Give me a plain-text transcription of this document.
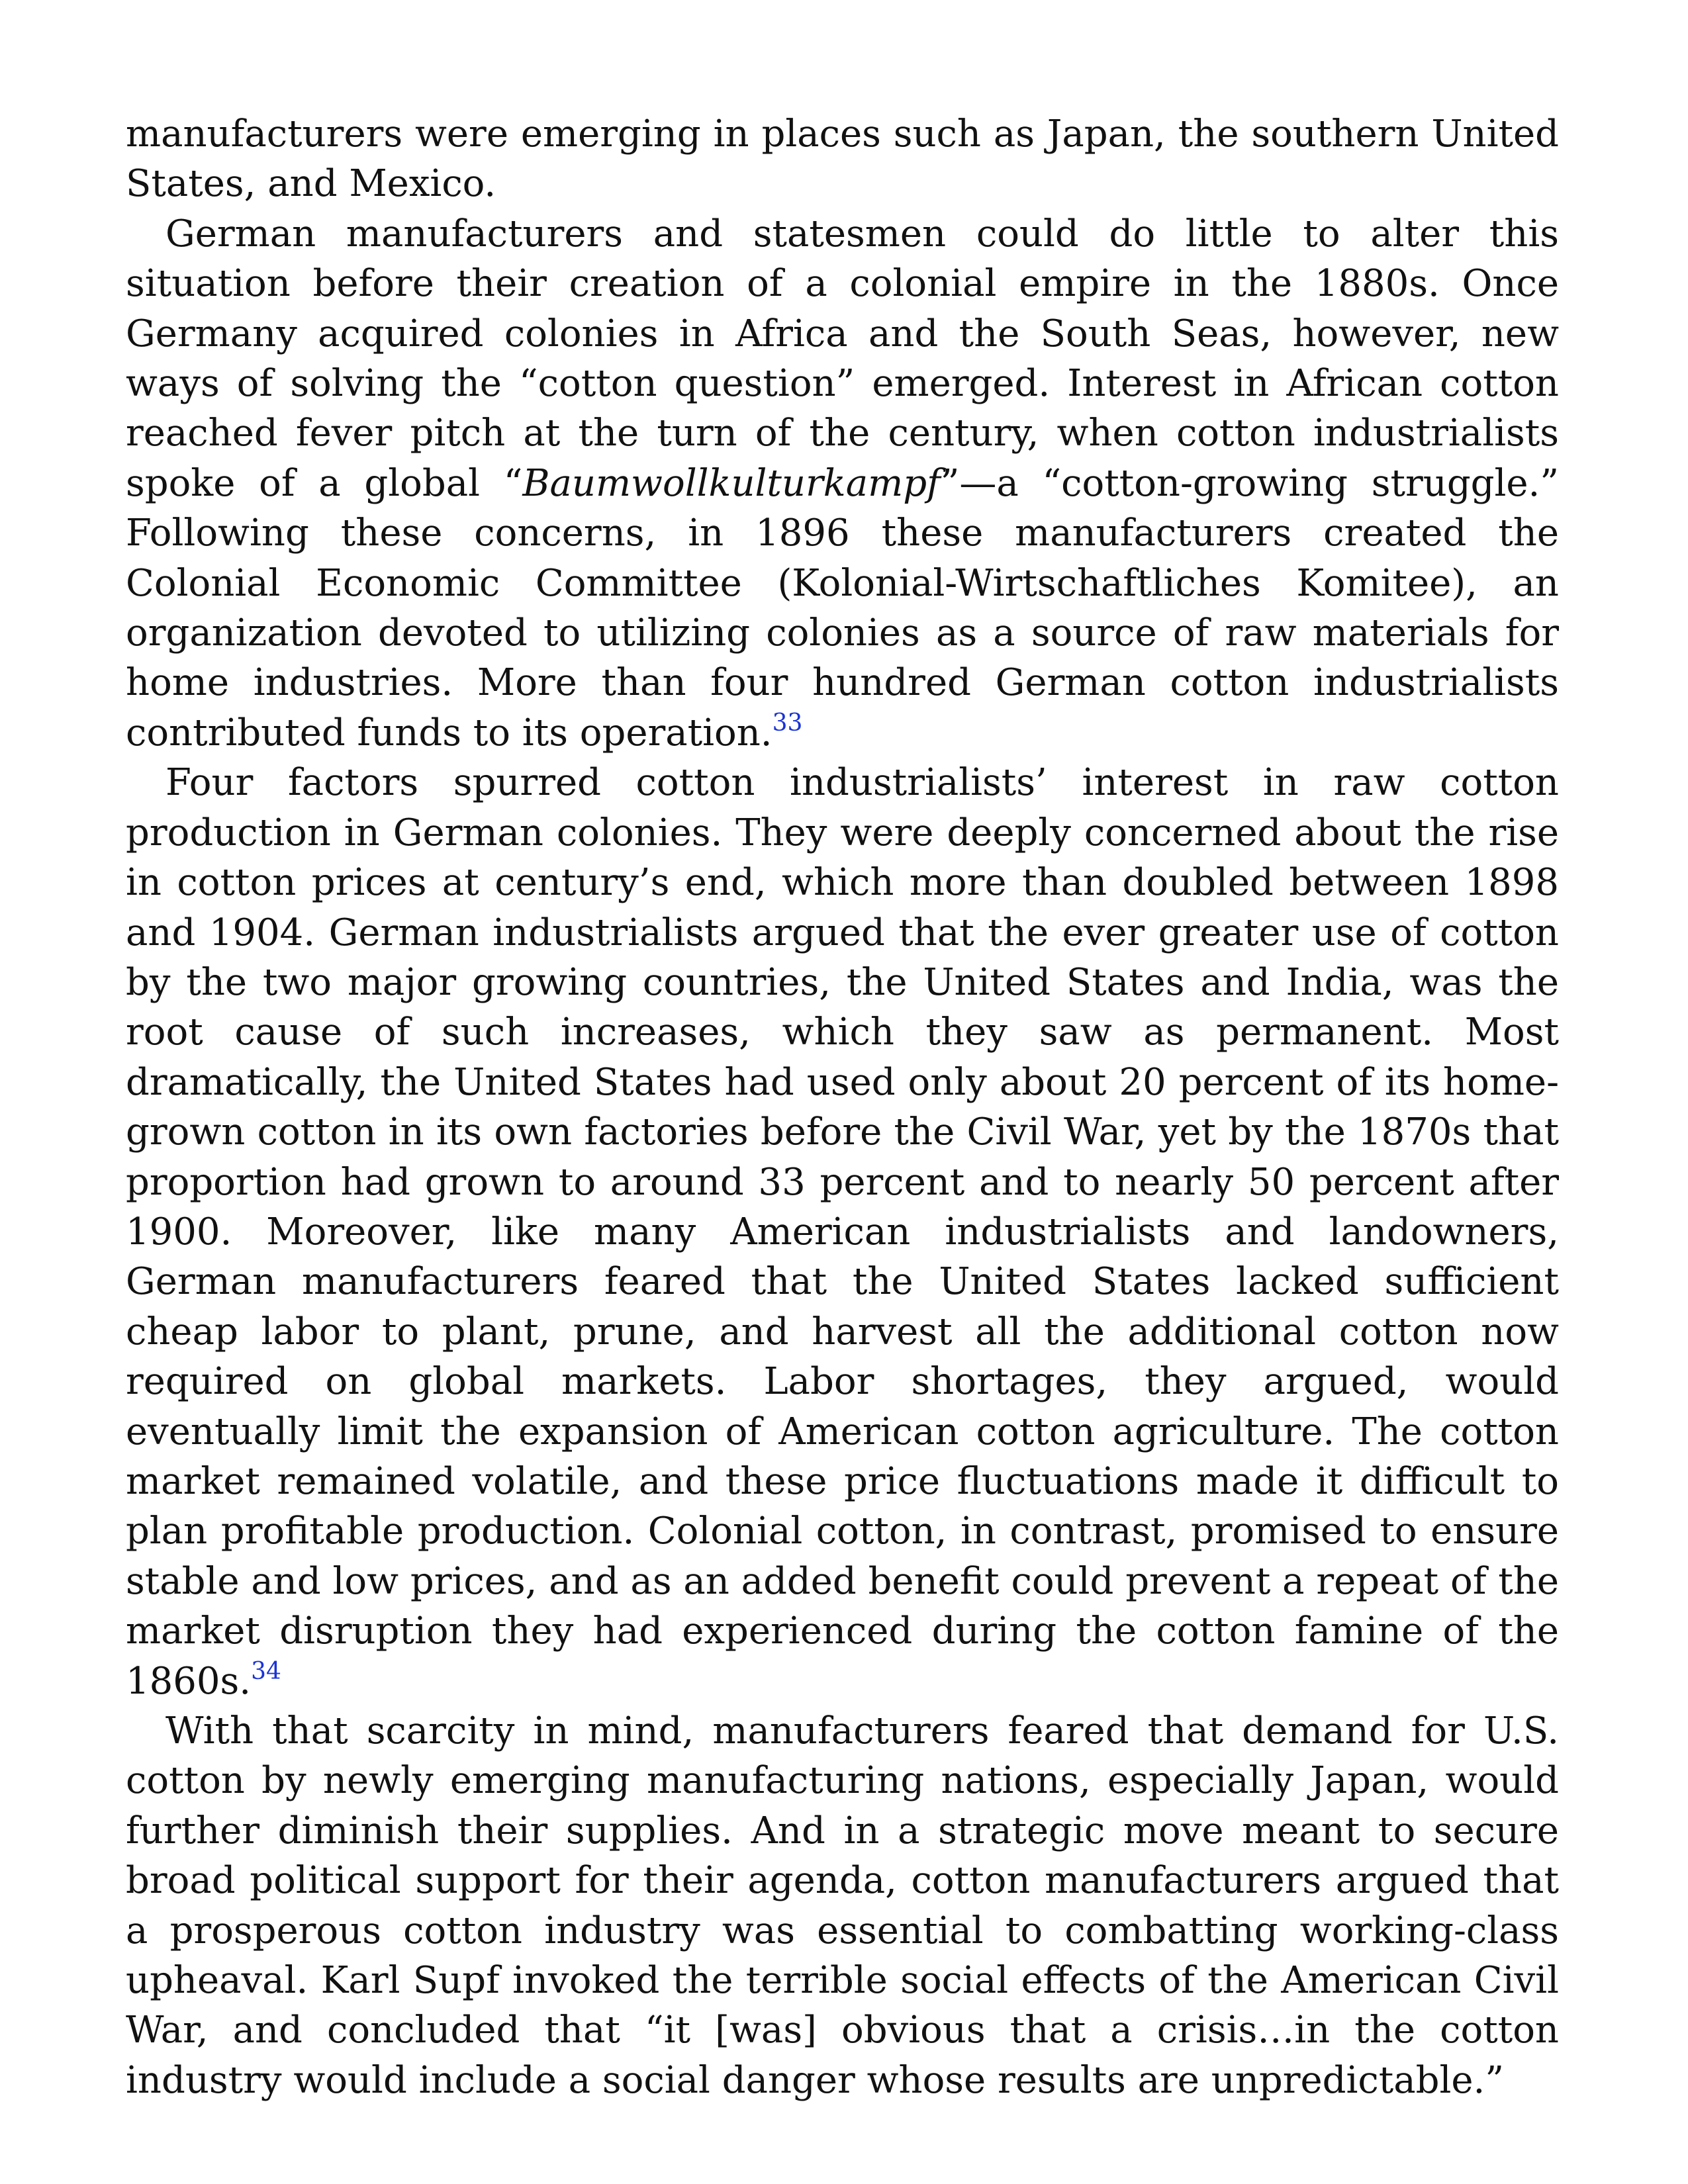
manufacturers were emerging in places such as Japan, the southern United States, and Mexico.

German manufacturers and statesmen could do little to alter this situation before their creation of a colonial empire in the 1880s. Once Germany acquired colonies in Africa and the South Seas, however, new ways of solving the “cotton question” emerged. Interest in African cotton reached fever pitch at the turn of the century, when cotton industrialists spoke of a global “Baumwollkulturkampf”—a “cotton-growing struggle.” Following these concerns, in 1896 these manufacturers created the Colonial Economic Committee (Kolonial-Wirtschaftliches Komitee), an organization devoted to utilizing colonies as a source of raw materials for home industries. More than four hundred German cotton industrialists contributed funds to its operation.$^{33}$

Four factors spurred cotton industrialists’ interest in raw cotton production in German colonies. They were deeply concerned about the rise in cotton prices at century’s end, which more than doubled between 1898 and 1904. German industrialists argued that the ever greater use of cotton by the two major growing countries, the United States and India, was the root cause of such increases, which they saw as permanent. Most dramatically, the United States had used only about 20 percent of its home-grown cotton in its own factories before the Civil War, yet by the 1870s that proportion had grown to around 33 percent and to nearly 50 percent after 1900. Moreover, like many American industrialists and landowners, German manufacturers feared that the United States lacked sufficient cheap labor to plant, prune, and harvest all the additional cotton now required on global markets. Labor shortages, they argued, would eventually limit the expansion of American cotton agriculture. The cotton market remained volatile, and these price fluctuations made it difficult to plan profitable production. Colonial cotton, in contrast, promised to ensure stable and low prices, and as an added benefit could prevent a repeat of the market disruption they had experienced during the cotton famine of the 1860s.$^{34}$

With that scarcity in mind, manufacturers feared that demand for U.S. cotton by newly emerging manufacturing nations, especially Japan, would further diminish their supplies. And in a strategic move meant to secure broad political support for their agenda, cotton manufacturers argued that a prosperous cotton industry was essential to combatting working-class upheaval. Karl Supf invoked the terrible social effects of the American Civil War, and concluded that “it [was] obvious that a crisis…in the cotton industry would include a social danger whose results are unpredictable.”
